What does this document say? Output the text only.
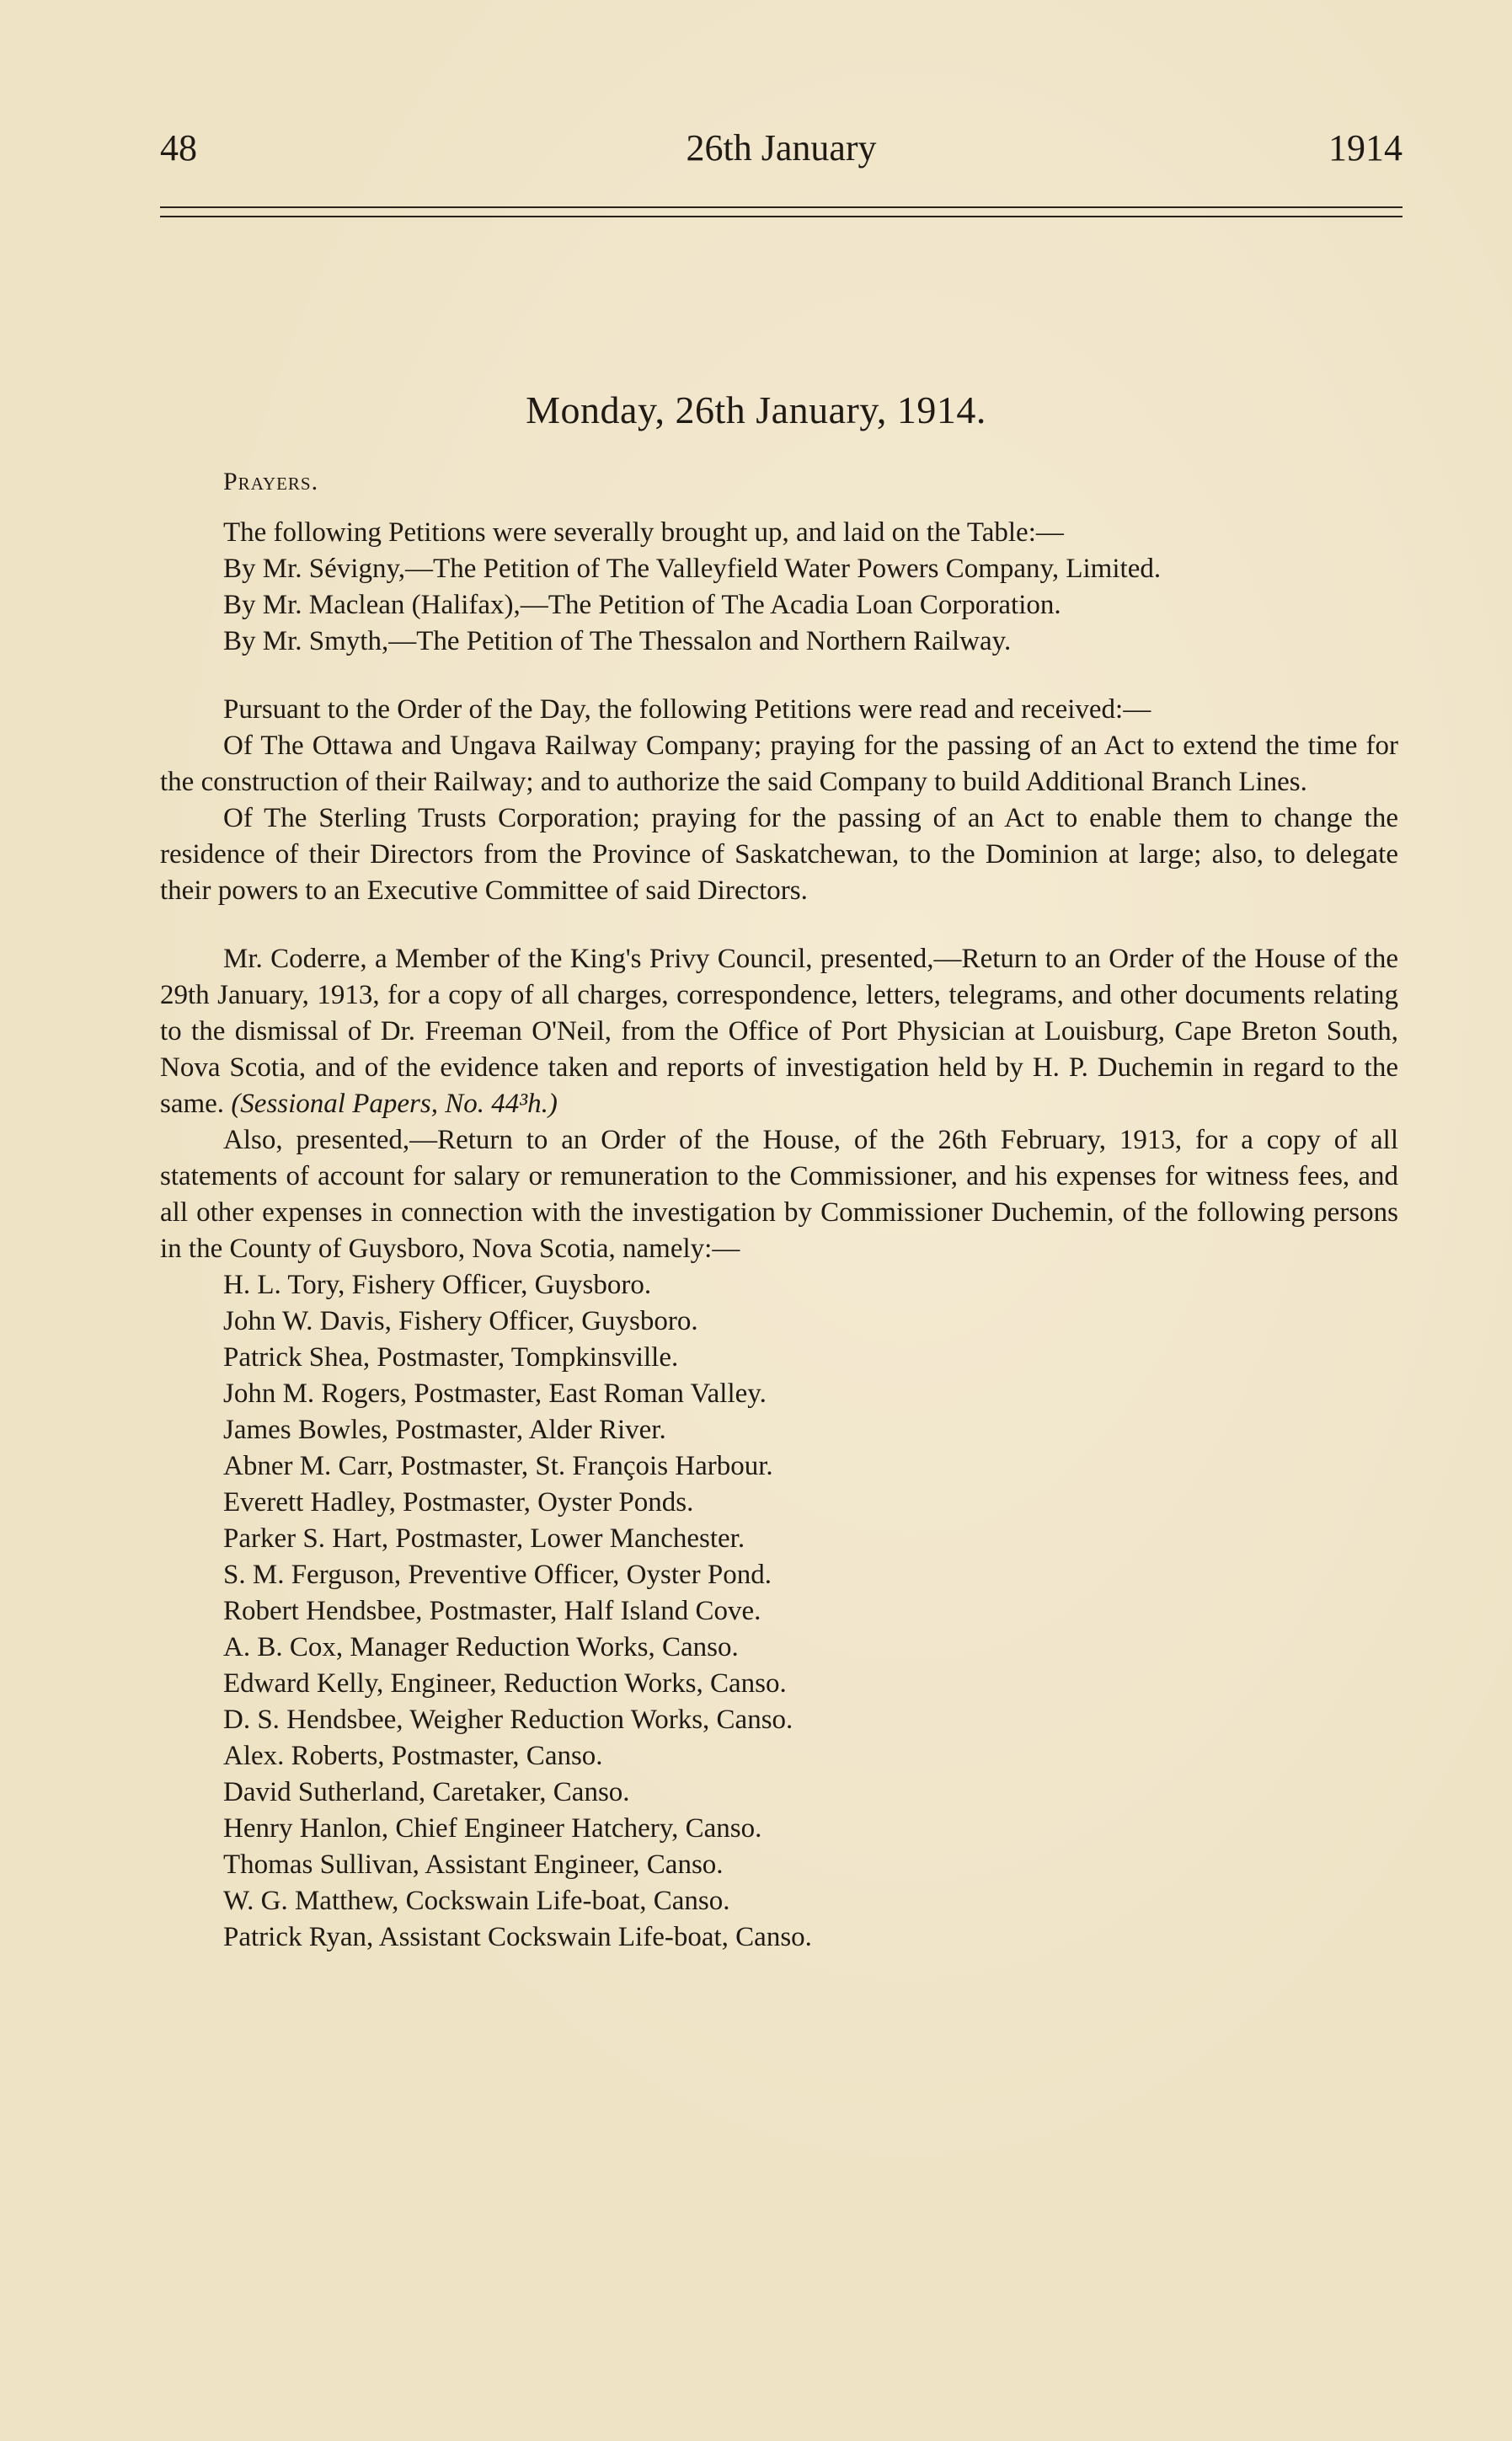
48	26th January	1914
Monday, 26th January, 1914.

Prayers.

The following Petitions were severally brought up, and laid on the Table:—

By Mr. Sévigny,—The Petition of The Valleyfield Water Powers Company, Limited.

By Mr. Maclean (Halifax),—The Petition of The Acadia Loan Corporation.

By Mr. Smyth,—The Petition of The Thessalon and Northern Railway.

Pursuant to the Order of the Day, the following Petitions were read and received:—

Of The Ottawa and Ungava Railway Company; praying for the passing of an Act to extend the time for the construction of their Railway; and to authorize the said Company to build Additional Branch Lines.

Of The Sterling Trusts Corporation; praying for the passing of an Act to enable them to change the residence of their Directors from the Province of Saskatchewan, to the Dominion at large; also, to delegate their powers to an Executive Committee of said Directors.

Mr. Coderre, a Member of the King's Privy Council, presented,—Return to an Order of the House of the 29th January, 1913, for a copy of all charges, correspondence, letters, telegrams, and other documents relating to the dismissal of Dr. Freeman O'Neil, from the Office of Port Physician at Louisburg, Cape Breton South, Nova Scotia, and of the evidence taken and reports of investigation held by H. P. Duchemin in regard to the same. (Sessional Papers, No. 44³h.)

Also, presented,—Return to an Order of the House, of the 26th February, 1913, for a copy of all statements of account for salary or remuneration to the Commissioner, and his expenses for witness fees, and all other expenses in connection with the investigation by Commissioner Duchemin, of the following persons in the County of Guysboro, Nova Scotia, namely:—

H. L. Tory, Fishery Officer, Guysboro.

John W. Davis, Fishery Officer, Guysboro.

Patrick Shea, Postmaster, Tompkinsville.

John M. Rogers, Postmaster, East Roman Valley.

James Bowles, Postmaster, Alder River.

Abner M. Carr, Postmaster, St. François Harbour.

Everett Hadley, Postmaster, Oyster Ponds.

Parker S. Hart, Postmaster, Lower Manchester.

S. M. Ferguson, Preventive Officer, Oyster Pond.

Robert Hendsbee, Postmaster, Half Island Cove.

A. B. Cox, Manager Reduction Works, Canso.

Edward Kelly, Engineer, Reduction Works, Canso.

D. S. Hendsbee, Weigher Reduction Works, Canso.

Alex. Roberts, Postmaster, Canso.

David Sutherland, Caretaker, Canso.

Henry Hanlon, Chief Engineer Hatchery, Canso.

Thomas Sullivan, Assistant Engineer, Canso.

W. G. Matthew, Cockswain Life-boat, Canso.

Patrick Ryan, Assistant Cockswain Life-boat, Canso.
